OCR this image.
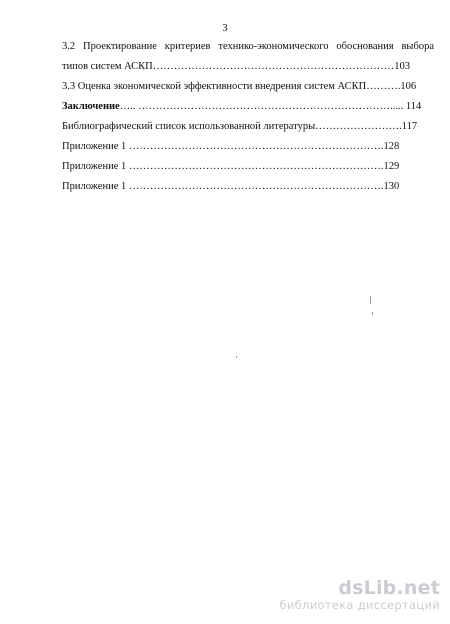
3
3.2 Проектирование критериев технико-экономического обоснования выбора
типов систем АСКП……………………………………………………………103
3.3 Оценка экономической эффективности внедрения систем АСКП……….106
Заключение….. ………………………………………………………………..... 114
Библиографический список использованной литературы…………………….117
Приложение 1 ……………………………………………………………….128
Приложение 1 ……………………………………………………………….129
Приложение 1 ……………………………………………………………….130
dsLib.net
библиотека диссертаций
